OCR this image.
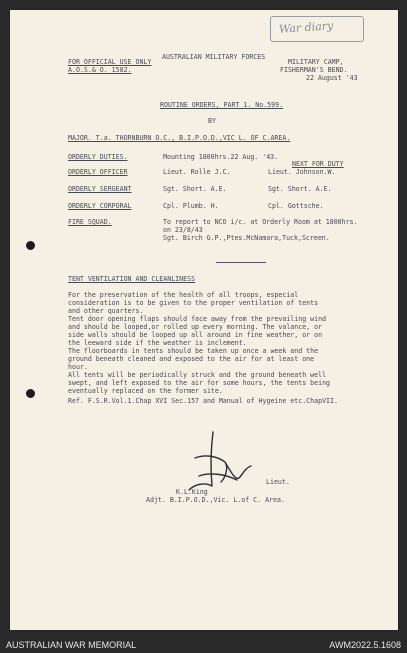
War diary
FOR OFFICIAL USE ONLY
A.O.S.& O. 1582.
AUSTRALIAN MILITARY FORCES
MILITARY CAMP,
FISHERMAN'S BEND.
22 August '43
ROUTINE ORDERS, PART 1. No.599.
BY
MAJOR. T.a. THORNBURN O.C., B.I.P.O.D.,VIC L. OF C.AREA.
ORDERLY DUTIES.	Mounting 1800hrs.22 Aug. '43.
NEXT FOR DUTY
ORDERLY OFFICER	Lieut. Rolle J.C.	Lieut. Johnson.W.
ORDERLY SERGEANT	Sgt. Short. A.E.	Sgt. Short. A.E.
ORDERLY CORPORAL	Cpl. Plumb. H.	Cpl. Gottsche.
FIRE SQUAD.	To report to NCO i/c. at Orderly Room at 1800hrs.
on 23/8/43
Sgt. Birch G.P.,Ptes.McNamara,Tuck,Screen.
TENT VENTILATION AND CLEANLINESS
For the preservation of the health of all troops, especial
consideration is to be given to the proper ventilation of tents
and other quarters.
Tent door opening flaps should face away from the prevailing wind
and should be looped,or rolled up every morning. The valance, or
side walls should be looped up all around in fine weather, or on
the leeward side if the weather is inclement.
The floorboards in tents should be taken up once a week and the
ground beneath cleaned and exposed to the air for at least one
hour.
All tents will be periodically struck and the ground beneath well
swept, and left exposed to the air for some hours, the tents being
eventually replaced on the former site.
Ref. F.S.R.Vol.1.Chap XVI Sec.157 and Manual of Hygeine etc.ChapVII.
Lieut.
K.L.King
Adjt. B.I.P.O.D.,Vic. L.of C. Area.
AUSTRALIAN WAR MEMORIAL	AWM2022.5.1608
